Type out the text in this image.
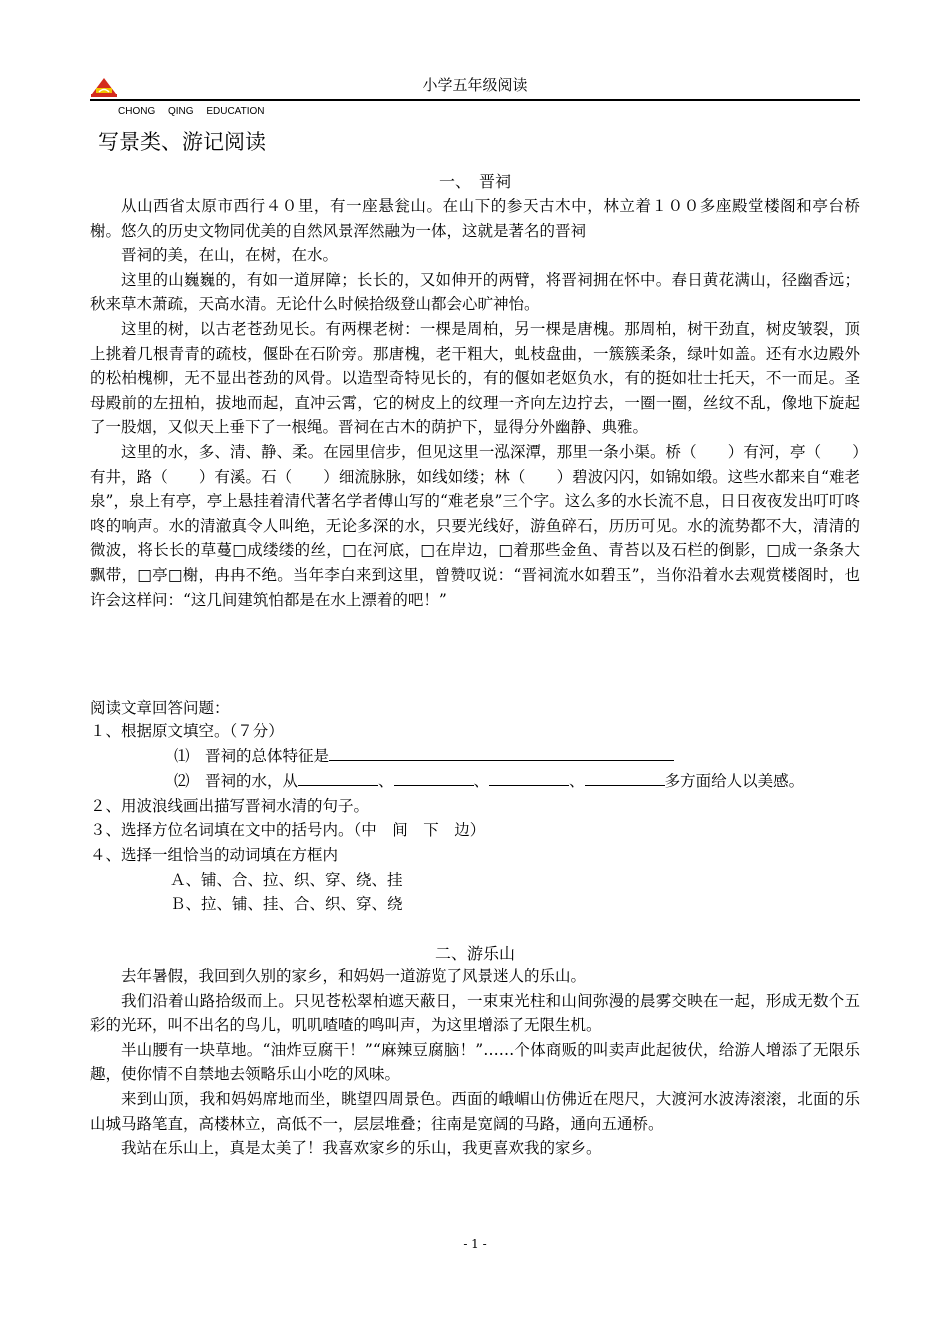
小学五年级阅读
CHONG QING EDUCATION
写景类、游记阅读
一、　晋祠

从山西省太原市西行４０里，有一座悬瓮山。在山下的参天古木中，林立着１００多座殿堂楼阁和亭台桥榭。悠久的历史文物同优美的自然风景浑然融为一体，这就是著名的晋祠

晋祠的美，在山，在树，在水。

这里的山巍巍的，有如一道屏障；长长的，又如伸开的两臂，将晋祠拥在怀中。春日黄花满山，径幽香远；秋来草木萧疏，天高水清。无论什么时候拾级登山都会心旷神怡。

这里的树，以古老苍劲见长。有两棵老树：一棵是周柏，另一棵是唐槐。那周柏，树干劲直，树皮皱裂，顶上挑着几根青青的疏枝，偃卧在石阶旁。那唐槐，老干粗大，虬枝盘曲，一簇簇柔条，绿叶如盖。还有水边殿外的松柏槐柳，无不显出苍劲的风骨。以造型奇特见长的，有的偃如老妪负水，有的挺如壮士托天，不一而足。圣母殿前的左扭柏，拔地而起，直冲云霄，它的树皮上的纹理一齐向左边拧去，一圈一圈，丝纹不乱，像地下旋起了一股烟，又似天上垂下了一根绳。晋祠在古木的荫护下，显得分外幽静、典雅。

这里的水，多、清、静、柔。在园里信步，但见这里一泓深潭，那里一条小渠。桥（　　）有河，亭（　　）有井，路（　　）有溪。石（　　）细流脉脉，如线如缕；林（　　）碧波闪闪，如锦如缎。这些水都来自“难老泉”，泉上有亭，亭上悬挂着清代著名学者傅山写的“难老泉”三个字。这么多的水长流不息，日日夜夜发出叮叮咚咚的响声。水的清澈真令人叫绝，无论多深的水，只要光线好，游鱼碎石，历历可见。水的流势都不大，清清的微波，将长长的草蔓□成缕缕的丝，□在河底，□在岸边，□着那些金鱼、青苔以及石栏的倒影，□成一条条大飘带，□亭□榭，冉冉不绝。当年李白来到这里，曾赞叹说：“晋祠流水如碧玉”，当你沿着水去观赏楼阁时，也许会这样问：“这几间建筑怕都是在水上漂着的吧！”

阅读文章回答问题：
１、根据原文填空。（７分）
⑴　晋祠的总体特征是
⑵　晋祠的水，从	、	、	、	多方面给人以美感。
２、用波浪线画出描写晋祠水清的句子。
３、选择方位名词填在文中的括号内。（中　间　下　边）
４、选择一组恰当的动词填在方框内
Ａ、铺、合、拉、织、穿、绕、挂
Ｂ、拉、铺、挂、合、织、穿、绕
二、游乐山

去年暑假，我回到久别的家乡，和妈妈一道游览了风景迷人的乐山。

我们沿着山路拾级而上。只见苍松翠柏遮天蔽日，一束束光柱和山间弥漫的晨雾交映在一起，形成无数个五彩的光环，叫不出名的鸟儿，叽叽喳喳的鸣叫声，为这里增添了无限生机。

半山腰有一块草地。“油炸豆腐干！”“麻辣豆腐脑！”……个体商贩的叫卖声此起彼伏，给游人增添了无限乐趣，使你情不自禁地去领略乐山小吃的风味。

来到山顶，我和妈妈席地而坐，眺望四周景色。西面的峨嵋山仿佛近在咫尺，大渡河水波涛滚滚，北面的乐山城马路笔直，高楼林立，高低不一，层层堆叠；往南是宽阔的马路，通向五通桥。

我站在乐山上，真是太美了！我喜欢家乡的乐山，我更喜欢我的家乡。

- 1 -
